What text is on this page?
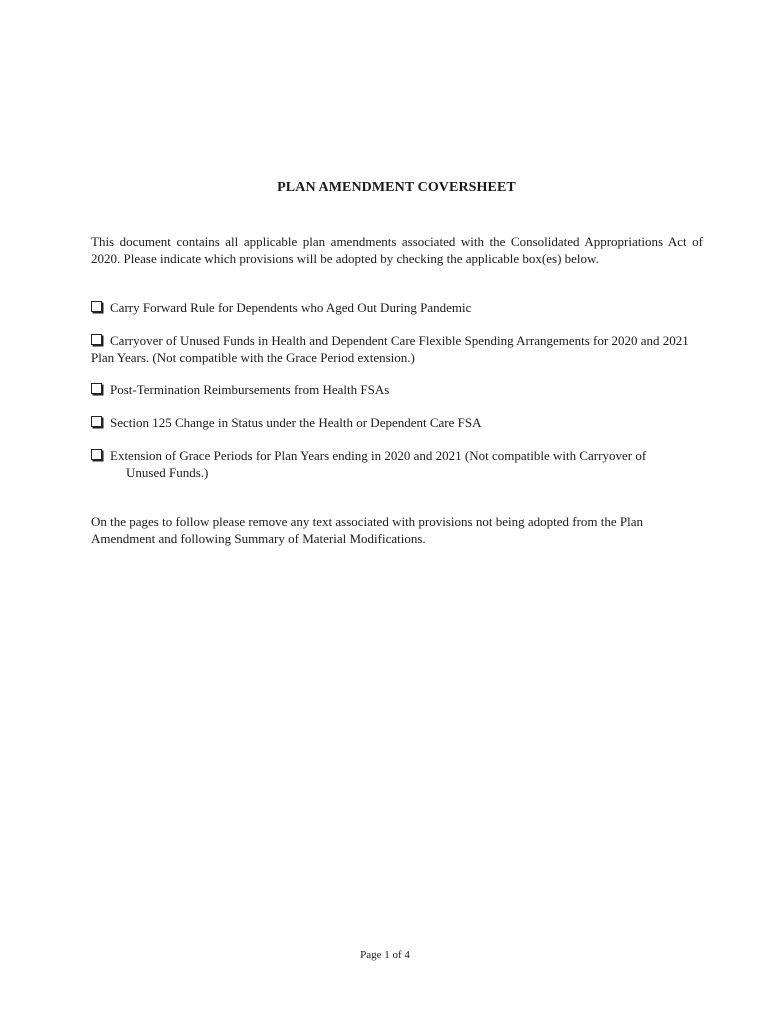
PLAN AMENDMENT COVERSHEET
This document contains all applicable plan amendments associated with the Consolidated Appropriations Act of 2020. Please indicate which provisions will be adopted by checking the applicable box(es) below.
Carry Forward Rule for Dependents who Aged Out During Pandemic
Carryover of Unused Funds in Health and Dependent Care Flexible Spending Arrangements for 2020 and 2021 Plan Years. (Not compatible with the Grace Period extension.)
Post-Termination Reimbursements from Health FSAs
Section 125 Change in Status under the Health or Dependent Care FSA
Extension of Grace Periods for Plan Years ending in 2020 and 2021 (Not compatible with Carryover of
Unused Funds.)
On the pages to follow please remove any text associated with provisions not being adopted from the Plan Amendment and following Summary of Material Modifications.
Page 1 of 4
